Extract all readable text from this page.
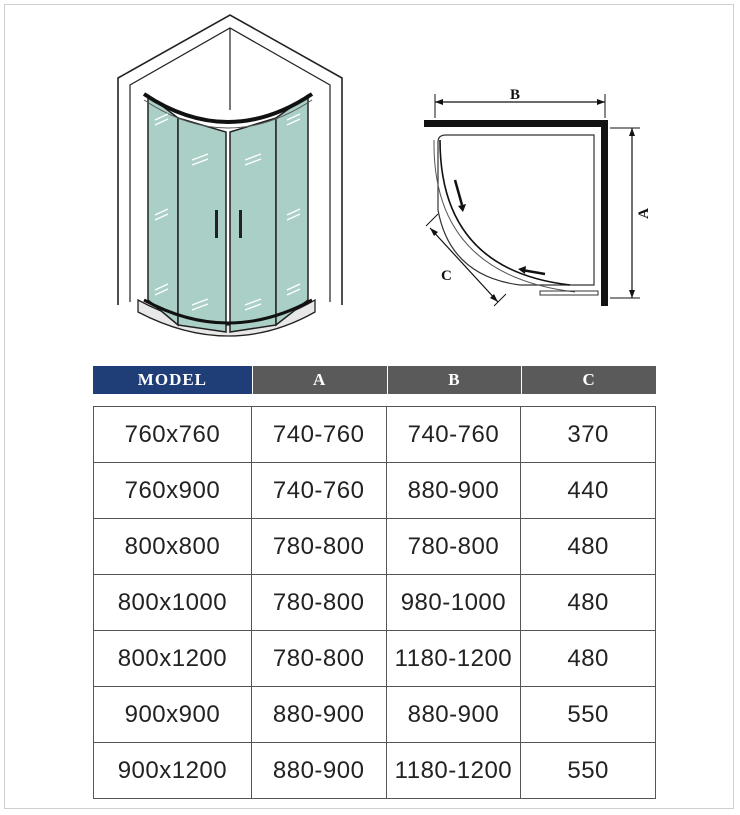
B
A
C
MODEL	A	B	C

760x760	740-760	740-760	370
760x900	740-760	880-900	440
800x800	780-800	780-800	480
800x1000	780-800	980-1000	480
800x1200	780-800	1180-1200	480
900x900	880-900	880-900	550
900x1200	880-900	1180-1200	550
